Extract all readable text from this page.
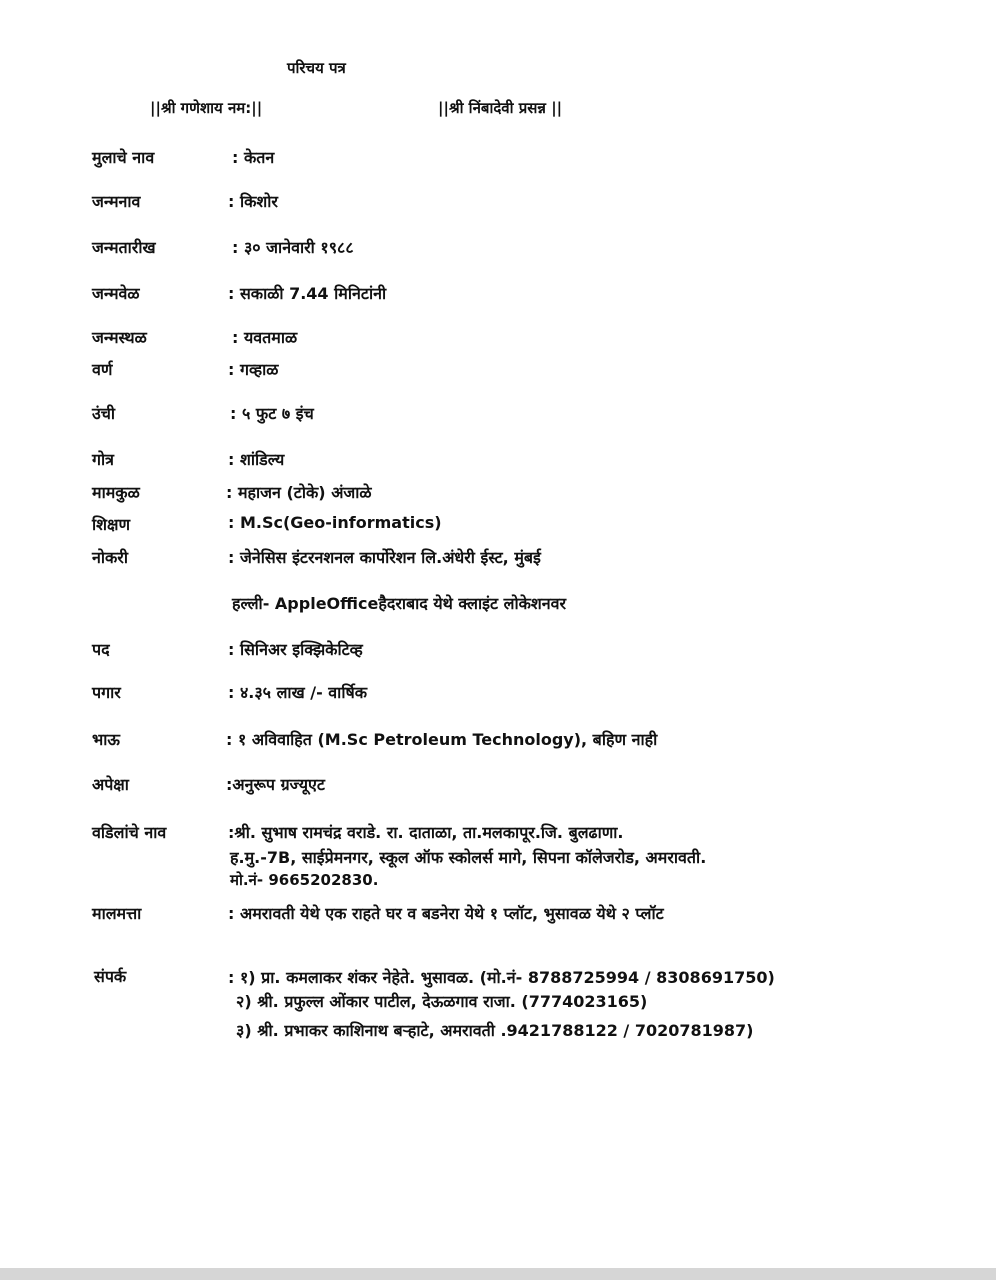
परिचय पत्र
||श्री गणेशाय नम:||	||श्री निंबादेवी प्रसन्न ||
मुलाचे नाव	: केतन
जन्मनाव	: किशोर
जन्मतारीख	: ३० जानेवारी १९८८
जन्मवेळ	: सकाळी 7.44 मिनिटांनी
जन्मस्थळ	: यवतमाळ
वर्ण	: गव्हाळ
उंची	: ५ फुट ७ इंच
गोत्र	: शांडिल्य
मामकुळ	: महाजन (टोके) अंजाळे
शिक्षण	: M.Sc(Geo-informatics)
नोकरी	: जेनेसिस इंटरनशनल कार्पोरेशन लि.अंधेरी ईस्ट, मुंबई
हल्ली- AppleOfficeहैदराबाद येथे क्लाइंट लोकेशनवर
पद	: सिनिअर इक्झिकेटिव्ह
पगार	: ४.३५ लाख /- वार्षिक
भाऊ	: १ अविवाहित (M.Sc Petroleum Technology), बहिण नाही
अपेक्षा	:अनुरूप ग्रज्यूएट
वडिलांचे नाव	:श्री. सुभाष रामचंद्र वराडे. रा. दाताळा, ता.मलकापूर.जि. बुलढाणा.
ह.मु.-7B, साईप्रेमनगर, स्कूल ऑफ स्कोलर्स मागे, सिपना कॉलेजरोड, अमरावती.
मो.नं- 9665202830.
मालमत्ता	: अमरावती येथे एक राहते घर व बडनेरा येथे १ प्लॉट, भुसावळ येथे २ प्लॉट
संपर्क	: १) प्रा. कमलाकर शंकर नेहेते. भुसावळ. (मो.नं- 8788725994 / 8308691750)
२) श्री. प्रफुल्ल ओंकार पाटील, देऊळगाव राजा. (7774023165)
३) श्री. प्रभाकर काशिनाथ बर्‍हाटे, अमरावती .9421788122 / 7020781987)
